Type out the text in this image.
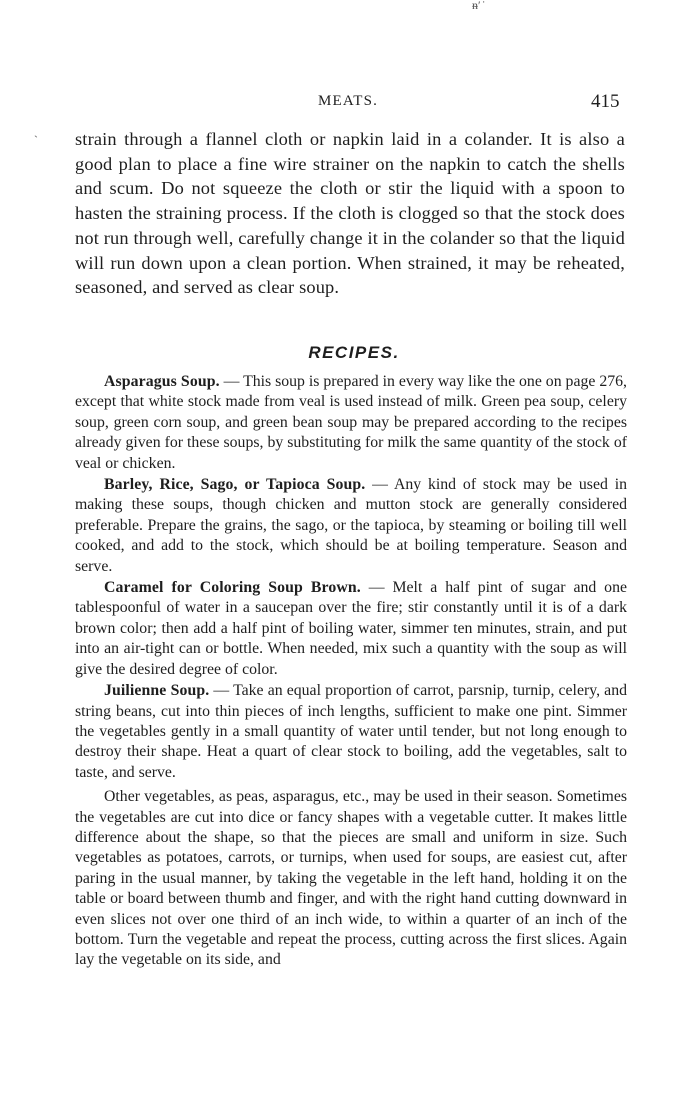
ᵰ′ ̇
ˎ
MEATS.	415

strain through a flannel cloth or napkin laid in a colander. It is also a good plan to place a fine wire strainer on the napkin to catch the shells and scum. Do not squeeze the cloth or stir the liquid with a spoon to hasten the straining process. If the cloth is clogged so that the stock does not run through well, carefully change it in the colander so that the liquid will run down upon a clean portion. When strained, it may be reheated, seasoned, and served as clear soup.

RECIPES.

Asparagus Soup. — This soup is prepared in every way like the one on page 276, except that white stock made from veal is used instead of milk. Green pea soup, celery soup, green corn soup, and green bean soup may be prepared according to the recipes already given for these soups, by substituting for milk the same quantity of the stock of veal or chicken.

Barley, Rice, Sago, or Tapioca Soup. — Any kind of stock may be used in making these soups, though chicken and mutton stock are generally considered preferable. Prepare the grains, the sago, or the tapioca, by steaming or boiling till well cooked, and add to the stock, which should be at boiling temperature. Season and serve.

Caramel for Coloring Soup Brown. — Melt a half pint of sugar and one tablespoonful of water in a saucepan over the fire; stir constantly until it is of a dark brown color; then add a half pint of boiling water, simmer ten minutes, strain, and put into an air-tight can or bottle. When needed, mix such a quantity with the soup as will give the desired degree of color.

Juilienne Soup. — Take an equal proportion of carrot, parsnip, turnip, celery, and string beans, cut into thin pieces of inch lengths, sufficient to make one pint. Simmer the vegetables gently in a small quantity of water until tender, but not long enough to destroy their shape. Heat a quart of clear stock to boiling, add the vegetables, salt to taste, and serve.

Other vegetables, as peas, asparagus, etc., may be used in their season. Sometimes the vegetables are cut into dice or fancy shapes with a vegetable cutter. It makes little difference about the shape, so that the pieces are small and uniform in size. Such vegetables as potatoes, carrots, or turnips, when used for soups, are easiest cut, after paring in the usual manner, by taking the vegetable in the left hand, holding it on the table or board between thumb and finger, and with the right hand cutting downward in even slices not over one third of an inch wide, to within a quarter of an inch of the bottom. Turn the vegetable and repeat the process, cutting across the first slices. Again lay the vegetable on its side, and
